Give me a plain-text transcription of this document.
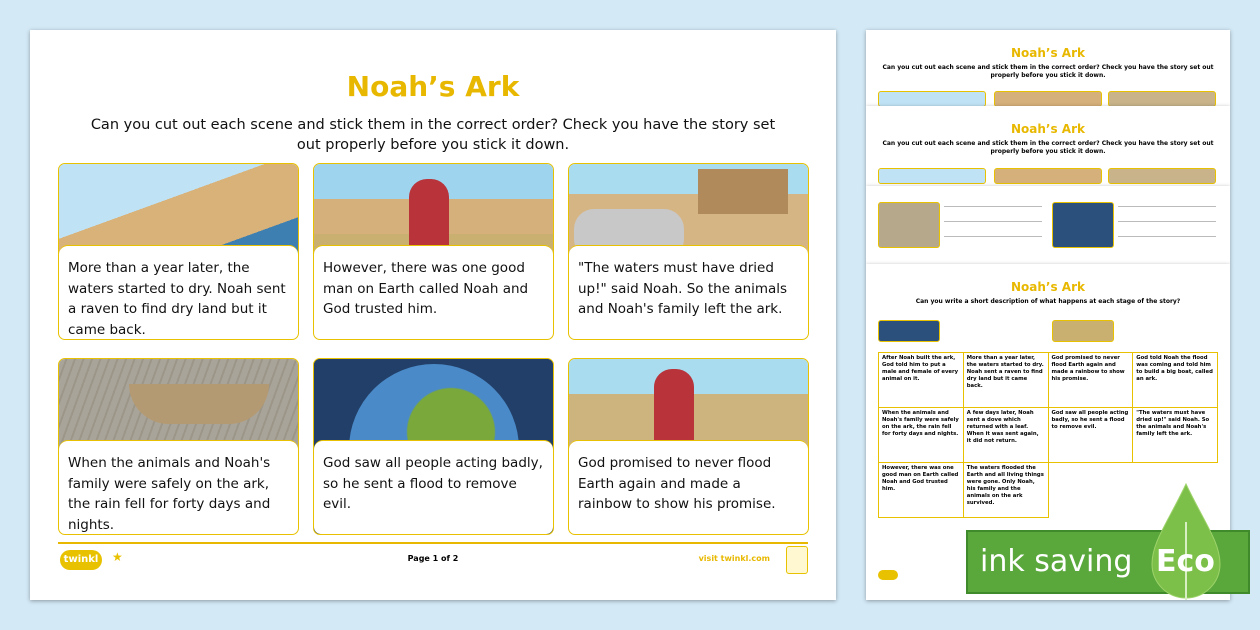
Noah’s Ark
Can you cut out each scene and stick them in the correct order? Check you have the story set out properly before you stick it down.
More than a year later, the waters started to dry. Noah sent a raven to find dry land but it came back.
However, there was one good man on Earth called Noah and God trusted him.
"The waters must have dried up!" said Noah. So the animals and Noah's family left the ark.
When the animals and Noah's family were safely on the ark, the rain fell for forty days and nights.
God saw all people acting badly, so he sent a flood to remove evil.
God promised to never flood Earth again and made a rainbow to show his promise.
twinkl	★	Page 1 of 2	visit twinkl.com
Noah’s Ark
Can you cut out each scene and stick them in the correct order? Check you have the story set out properly before you stick it down.
Noah’s Ark
Can you cut out each scene and stick them in the correct order? Check you have the story set out properly before you stick it down.
Noah’s Ark
Can you write a short description of what happens at each stage of the story?
After Noah built the ark, God told him to put a male and female of every animal on it.	More than a year later, the waters started to dry. Noah sent a raven to find dry land but it came back.	God promised to never flood Earth again and made a rainbow to show his promise.	God told Noah the flood was coming and told him to build a big boat, called an ark.
When the animals and Noah's family were safely on the ark, the rain fell for forty days and nights.	A few days later, Noah sent a dove which returned with a leaf. When it was sent again, it did not return.	God saw all people acting badly, so he sent a flood to remove evil.	"The waters must have dried up!" said Noah. So the animals and Noah's family left the ark.
However, there was one good man on Earth called Noah and God trusted him.	The waters flooded the Earth and all living things were gone. Only Noah, his family and the animals on the ark survived.		
ink saving Eco
